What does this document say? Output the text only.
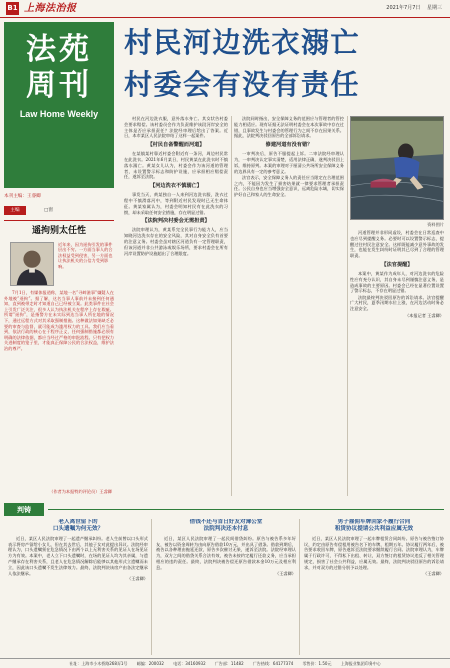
B1 上海法治报	2021年7月7日 星期三
法苑
周刊
Law Home Weekly
本刊主编：王睿卿
主编	□窗
遥拘别太任性
近年来，因为遥拘引发的事件层出不穷。一方面当事人的合法权益受到侵害，另一方面也让执法机关的公信力受到影响。
7月1日，有媒体报道称，某地一名“寻衅滋事”嫌疑人在外地被“遥拘”。据了解，这名当事人事前并未接到任何通知，直到被带走时才知道自己已经被立案。此类事件在社会上引发广泛关注，很多人认为执法机关在程序上存在瑕疵。所谓“遥拘”，是指警方在未实际到达当事人所在地的情况下，通过远程方式对其采取强制措施。这种做法如果缺乏必要的审查与监督，就可能成为滥用权力的工具。我们应当看到，依法行政的核心在于程序正义，任何强制措施都必须有明确的法律依据，都应当经过严格的审批流程。只有把权力关进制度的笼子里，才能真正保障公民的合法权益，维护法治的尊严。
（作者为本报特约评论员）王睿卿
村民河边洗衣溺亡
村委会有没有责任
资料图片

村民在河边洗衣服，意外落水身亡。其女状告村委会要求赔偿。该村委员会作为负责维护该段河岸安全的主体是否应承担责任？法院经审理后给出了答案。近日，本市某区人民法院审结了这样一起案件。

【 村民自备警醒而河道 】

在某镇某村靠近村委会附近有一条河，周边村民常在此洗衣。2021年6月某日，村民黄某在此洗衣时不慎落水溺亡。黄某女儿认为，村委会作为该河道的管理者，未设置警示标志和防护设施，应承担相应赔偿责任，遂诉至法院。

【 河边洗衣不慎溺亡 】

事发当天，黄某独自一人来到河边洗衣服，洗衣过程中不慎滑落河中，等到附近村民发现时已无生命体征。黄某家属认为，村委会明知村民有在此洗衣的习惯，却未采取任何安全措施，存在明显过错。

【 法院判决村委会无需担责 】

法院审理认为，黄某系完全民事行为能力人，应当知晓河边洗衣存在的安全风险，其对自身安全负有首要的注意义务。村委会虽对辖区河道负有一定管理职责，但该河道并非公共游泳或娱乐场所，要求村委会在所有河岸设置防护设施超出了合理限度。

法院同时指出，安全保障义务的范围应与管理者的管控能力相适应。现有证据无法证明村委会在本次事故中存在过错，且事故发生与村委会的管理行为之间不存在因果关系。据此，法院判决驳回原告的全部诉讼请求。

修建河道有没有错？

一审判决后，原告不服提起上诉。二审法院经审理认为，一审判决认定事实清楚，适用法律正确，遂判决驳回上诉，维持原判。本案的审理对于厘清公共场所安全保障义务的边界具有一定的参考意义。

法官表示，安全保障义务人的责任应当限定在合理范围之内，不能因为发生了损害结果就一律要求管理者承担责任。公民自身也应当增强安全意识，远离危险水域，切实保护好自己和家人的生命安全。

河道管理并非形同虚设，村委会在日常巡查中也应尽到提醒义务。必要时可以设置警示标志，提醒过往村民注意安全。这样既能减少意外事故的发生，也能在发生纠纷时证明其已尽到了合理的管理职责。

【 法官提醒 】

本案中，黄某作为成年人，对河边洗衣的危险性应有充分认识，其自身未尽到谨慎注意义务，是造成事故的主要原因。村委会已经在显著位置设置了警示标志，不存在明显过错。

法院最终判决驳回原告的诉讼请求。法官提醒广大村民，夏季汛期水位上涨，在河边活动时务必注意安全。

（本报记者 王睿卿）
判铸
老人离世留下的
口头遗嘱为何无效？

近日，某区人民法院审理了一起遗产继承纠纷。老人生前曾以口头形式表示将房产留给小女儿，但在其去世后，其他子女对此提出异议。法院经审理认为，口头遗嘱须在危急情况下由两个以上无利害关系的见证人在场见证方为有效。本案中，老人立下口头遗嘱时，在场的见证人均为其亲属，与遗产继承存在利害关系，且老人在危急情况解除后能够以其他形式立遗嘱而未立，因此该口头遗嘱不发生法律效力。最终，法院判决该房产由各法定继承人依法继承。

（王睿卿）
借钱不还与首日好友对簿公堂
法院判决还本付息

近日，某区人民法院审理了一起民间借贷纠纷。原告与被告系多年好友，被告以资金周转为由向原告借款10万元，并出具了借条。借款到期后，被告以各种理由拖延还款，原告多次催讨无果，遂诉至法院。法院经审理认为，双方之间的借贷关系合法有效，被告未按约定履行还款义务，应当承担相应的违约责任。最终，法院判决被告偿还原告借款本金10万元及相应利息。

（王睿卿）
男子雇佣车牌回家不履行合同
租赁协议提请公共利益应属无效

近日，某区人民法院审理了一起车牌租赁合同纠纷。原告与被告签订协议，约定由原告有偿租用被告名下的车牌，租期五年。协议履行两年后，被告要求收回车牌，原告遂诉至法院要求继续履行合同。法院审理认为，车牌属于行政许可，不得私下出租、转让，双方签订的租赁协议违反了相关管理规定，损害了社会公共利益，应属无效。最终，法院判决驳回原告的诉讼请求，并对双方的过错分别予以处理。

（王睿卿）
社址：上海市小木桥路268弄1号 邮编：200032 电话：34160932 广告部：11482 广告热线：64177374 零售价：1.50元 上海报业集团印务中心
